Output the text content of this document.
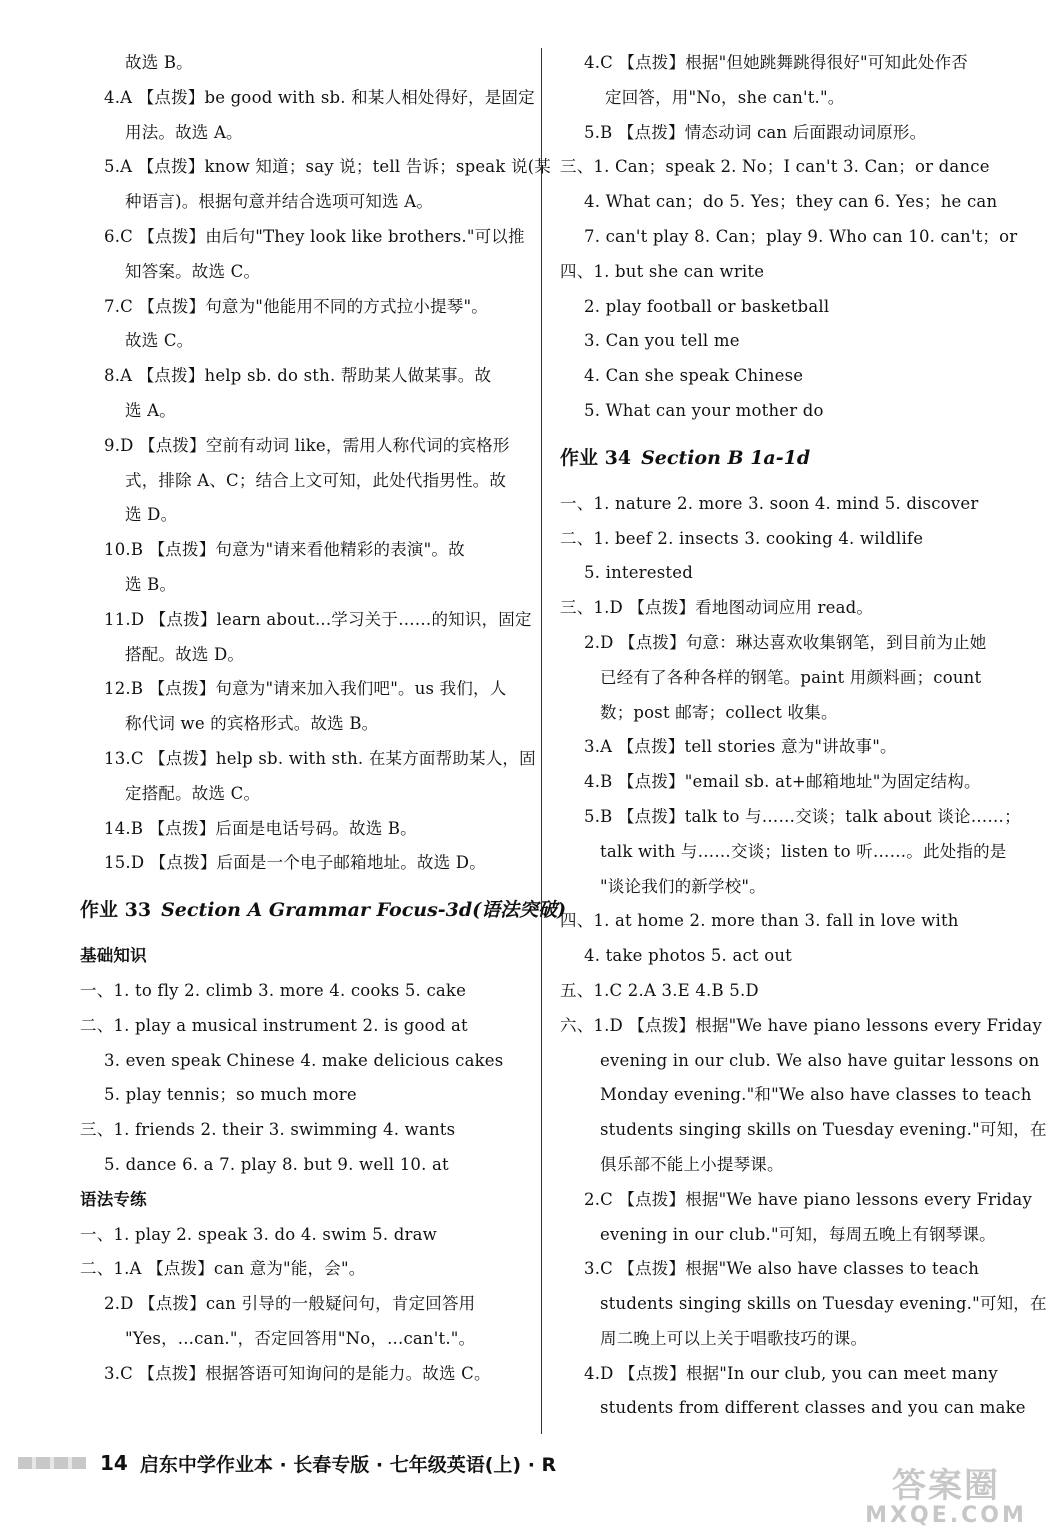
故选 B。
4.A 【点拨】be good with sb. 和某人相处得好，是固定
用法。故选 A。
5.A 【点拨】know 知道；say 说；tell 告诉；speak 说(某
种语言)。根据句意并结合选项可知选 A。
6.C 【点拨】由后句"They look like brothers."可以推
知答案。故选 C。
7.C 【点拨】句意为"他能用不同的方式拉小提琴"。
故选 C。
8.A 【点拨】help sb. do sth. 帮助某人做某事。故
选 A。
9.D 【点拨】空前有动词 like，需用人称代词的宾格形
式，排除 A、C；结合上文可知，此处代指男性。故
选 D。
10.B 【点拨】句意为"请来看他精彩的表演"。故
选 B。
11.D 【点拨】learn about...学习关于……的知识，固定
搭配。故选 D。
12.B 【点拨】句意为"请来加入我们吧"。us 我们，人
称代词 we 的宾格形式。故选 B。
13.C 【点拨】help sb. with sth. 在某方面帮助某人，固
定搭配。故选 C。
14.B 【点拨】后面是电话号码。故选 B。
15.D 【点拨】后面是一个电子邮箱地址。故选 D。
作业 33 Section A Grammar Focus-3d(语法突破)
基础知识
一、1. to fly 2. climb 3. more 4. cooks 5. cake
二、1. play a musical instrument 2. is good at
3. even speak Chinese 4. make delicious cakes
5. play tennis；so much more
三、1. friends 2. their 3. swimming 4. wants
5. dance 6. a 7. play 8. but 9. well 10. at
语法专练
一、1. play 2. speak 3. do 4. swim 5. draw
二、1.A 【点拨】can 意为"能，会"。
2.D 【点拨】can 引导的一般疑问句，肯定回答用
"Yes，...can."，否定回答用"No，...can't."。
3.C 【点拨】根据答语可知询问的是能力。故选 C。
4.C 【点拨】根据"但她跳舞跳得很好"可知此处作否
定回答，用"No，she can't."。
5.B 【点拨】情态动词 can 后面跟动词原形。
三、1. Can；speak 2. No；I can't 3. Can；or dance
4. What can；do 5. Yes；they can 6. Yes；he can
7. can't play 8. Can；play 9. Who can 10. can't；or
四、1. but she can write
2. play football or basketball
3. Can you tell me
4. Can she speak Chinese
5. What can your mother do
作业 34 Section B 1a-1d
一、1. nature 2. more 3. soon 4. mind 5. discover
二、1. beef 2. insects 3. cooking 4. wildlife
5. interested
三、1.D 【点拨】看地图动词应用 read。
2.D 【点拨】句意：琳达喜欢收集钢笔，到目前为止她
已经有了各种各样的钢笔。paint 用颜料画；count
数；post 邮寄；collect 收集。
3.A 【点拨】tell stories 意为"讲故事"。
4.B 【点拨】"email sb. at+邮箱地址"为固定结构。
5.B 【点拨】talk to 与……交谈；talk about 谈论……；
talk with 与……交谈；listen to 听……。此处指的是
"谈论我们的新学校"。
四、1. at home 2. more than 3. fall in love with
4. take photos 5. act out
五、1.C 2.A 3.E 4.B 5.D
六、1.D 【点拨】根据"We have piano lessons every Friday
evening in our club. We also have guitar lessons on
Monday evening."和"We also have classes to teach
students singing skills on Tuesday evening."可知，在
俱乐部不能上小提琴课。
2.C 【点拨】根据"We have piano lessons every Friday
evening in our club."可知，每周五晚上有钢琴课。
3.C 【点拨】根据"We also have classes to teach
students singing skills on Tuesday evening."可知，在
周二晚上可以上关于唱歌技巧的课。
4.D 【点拨】根据"In our club, you can meet many
students from different classes and you can make
14 启东中学作业本 · 长春专版 · 七年级英语(上) · R
答案圈
MXQE.COM
